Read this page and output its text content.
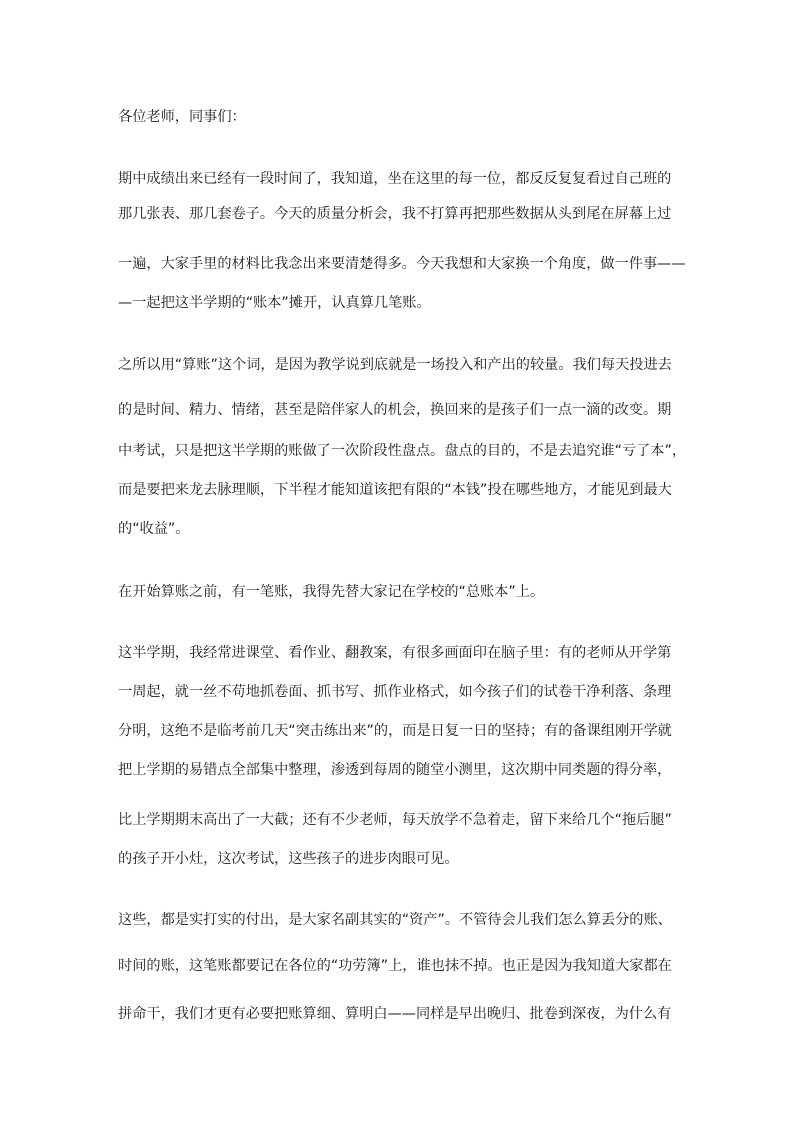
各位老师，同事们：
期中成绩出来已经有一段时间了，我知道，坐在这里的每一位，都反反复复看过自己班的
那几张表、那几套卷子。今天的质量分析会，我不打算再把那些数据从头到尾在屏幕上过
一遍，大家手里的材料比我念出来要清楚得多。今天我想和大家换一个角度，做一件事——
—一起把这半学期的“账本”摊开，认真算几笔账。
之所以用“算账”这个词，是因为教学说到底就是一场投入和产出的较量。我们每天投进去
的是时间、精力、情绪，甚至是陪伴家人的机会，换回来的是孩子们一点一滴的改变。期
中考试，只是把这半学期的账做了一次阶段性盘点。盘点的目的，不是去追究谁“亏了本”，
而是要把来龙去脉理顺，下半程才能知道该把有限的“本钱”投在哪些地方，才能见到最大
的“收益”。
在开始算账之前，有一笔账，我得先替大家记在学校的“总账本”上。
这半学期，我经常进课堂、看作业、翻教案，有很多画面印在脑子里：有的老师从开学第
一周起，就一丝不苟地抓卷面、抓书写、抓作业格式，如今孩子们的试卷干净利落、条理
分明，这绝不是临考前几天“突击练出来”的，而是日复一日的坚持；有的备课组刚开学就
把上学期的易错点全部集中整理，渗透到每周的随堂小测里，这次期中同类题的得分率，
比上学期期末高出了一大截；还有不少老师，每天放学不急着走，留下来给几个“拖后腿”
的孩子开小灶，这次考试，这些孩子的进步肉眼可见。
这些，都是实打实的付出，是大家名副其实的“资产”。不管待会儿我们怎么算丢分的账、
时间的账，这笔账都要记在各位的“功劳簿”上，谁也抹不掉。也正是因为我知道大家都在
拼命干，我们才更有必要把账算细、算明白——同样是早出晚归、批卷到深夜，为什么有
